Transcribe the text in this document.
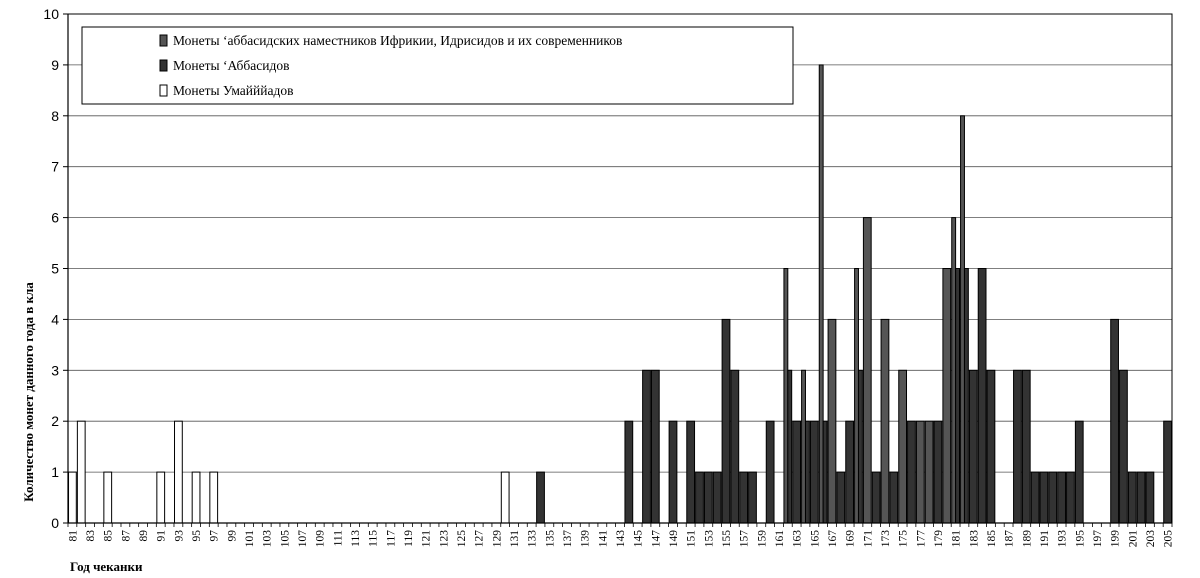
0
1
2
3
4
5
6
7
8
9
10
81 83 85 87 89 91 93 95 97 99 101 103 105 107 109 111 113 115 117 119 121 123 125 127 129 131 133 135 137 139 141 143 145 147 149 151 153 155 157 159 161 163 165 167 169 171 173 175 177 179 181 183 185 187 189 191 193 195 197 199 201 203 205
Количество монет данного года в кла
Год чеканки
Монеты ‘аббасидских наместников Ифрикии, Идрисидов и их современников
Монеты ‘Аббасидов
Монеты Умайййадов
